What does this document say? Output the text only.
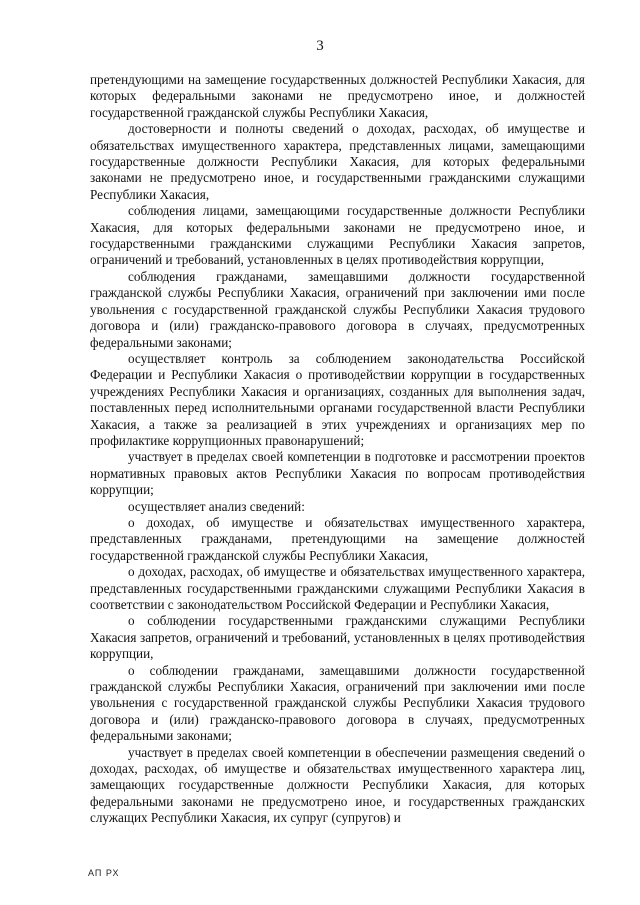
3

претендующими на замещение государственных должностей Республики Хакасия, для которых федеральными законами не предусмотрено иное, и должностей государственной гражданской службы Республики Хакасия,

достоверности и полноты сведений о доходах, расходах, об имуществе и обязательствах имущественного характера, представленных лицами, замещающими государственные должности Республики Хакасия, для которых федеральными законами не предусмотрено иное, и государственными гражданскими служащими Республики Хакасия,

соблюдения лицами, замещающими государственные должности Республики Хакасия, для которых федеральными законами не предусмотрено иное, и государственными гражданскими служащими Республики Хакасия запретов, ограничений и требований, установленных в целях противодействия коррупции,

соблюдения гражданами, замещавшими должности государственной гражданской службы Республики Хакасия, ограничений при заключении ими после увольнения с государственной гражданской службы Республики Хакасия трудового договора и (или) гражданско-правового договора в случаях, предусмотренных федеральными законами;

осуществляет контроль за соблюдением законодательства Российской Федерации и Республики Хакасия о противодействии коррупции в государственных учреждениях Республики Хакасия и организациях, созданных для выполнения задач, поставленных перед исполнительными органами государственной власти Республики Хакасия, а также за реализацией в этих учреждениях и организациях мер по профилактике коррупционных правонарушений;

участвует в пределах своей компетенции в подготовке и рассмотрении проектов нормативных правовых актов Республики Хакасия по вопросам противодействия коррупции;

осуществляет анализ сведений:

о доходах, об имуществе и обязательствах имущественного характера, представленных гражданами, претендующими на замещение должностей государственной гражданской службы Республики Хакасия,

о доходах, расходах, об имуществе и обязательствах имущественного характера, представленных государственными гражданскими служащими Республики Хакасия в соответствии с законодательством Российской Федерации и Республики Хакасия,

о соблюдении государственными гражданскими служащими Республики Хакасия запретов, ограничений и требований, установленных в целях противодействия коррупции,

о соблюдении гражданами, замещавшими должности государственной гражданской службы Республики Хакасия, ограничений при заключении ими после увольнения с государственной гражданской службы Республики Хакасия трудового договора и (или) гражданско-правового договора в случаях, предусмотренных федеральными законами;

участвует в пределах своей компетенции в обеспечении размещения сведений о доходах, расходах, об имуществе и обязательствах имущественного характера лиц, замещающих государственные должности Республики Хакасия, для которых федеральными законами не предусмотрено иное, и государственных гражданских служащих Республики Хакасия, их супруг (супругов) и

АП РХ
